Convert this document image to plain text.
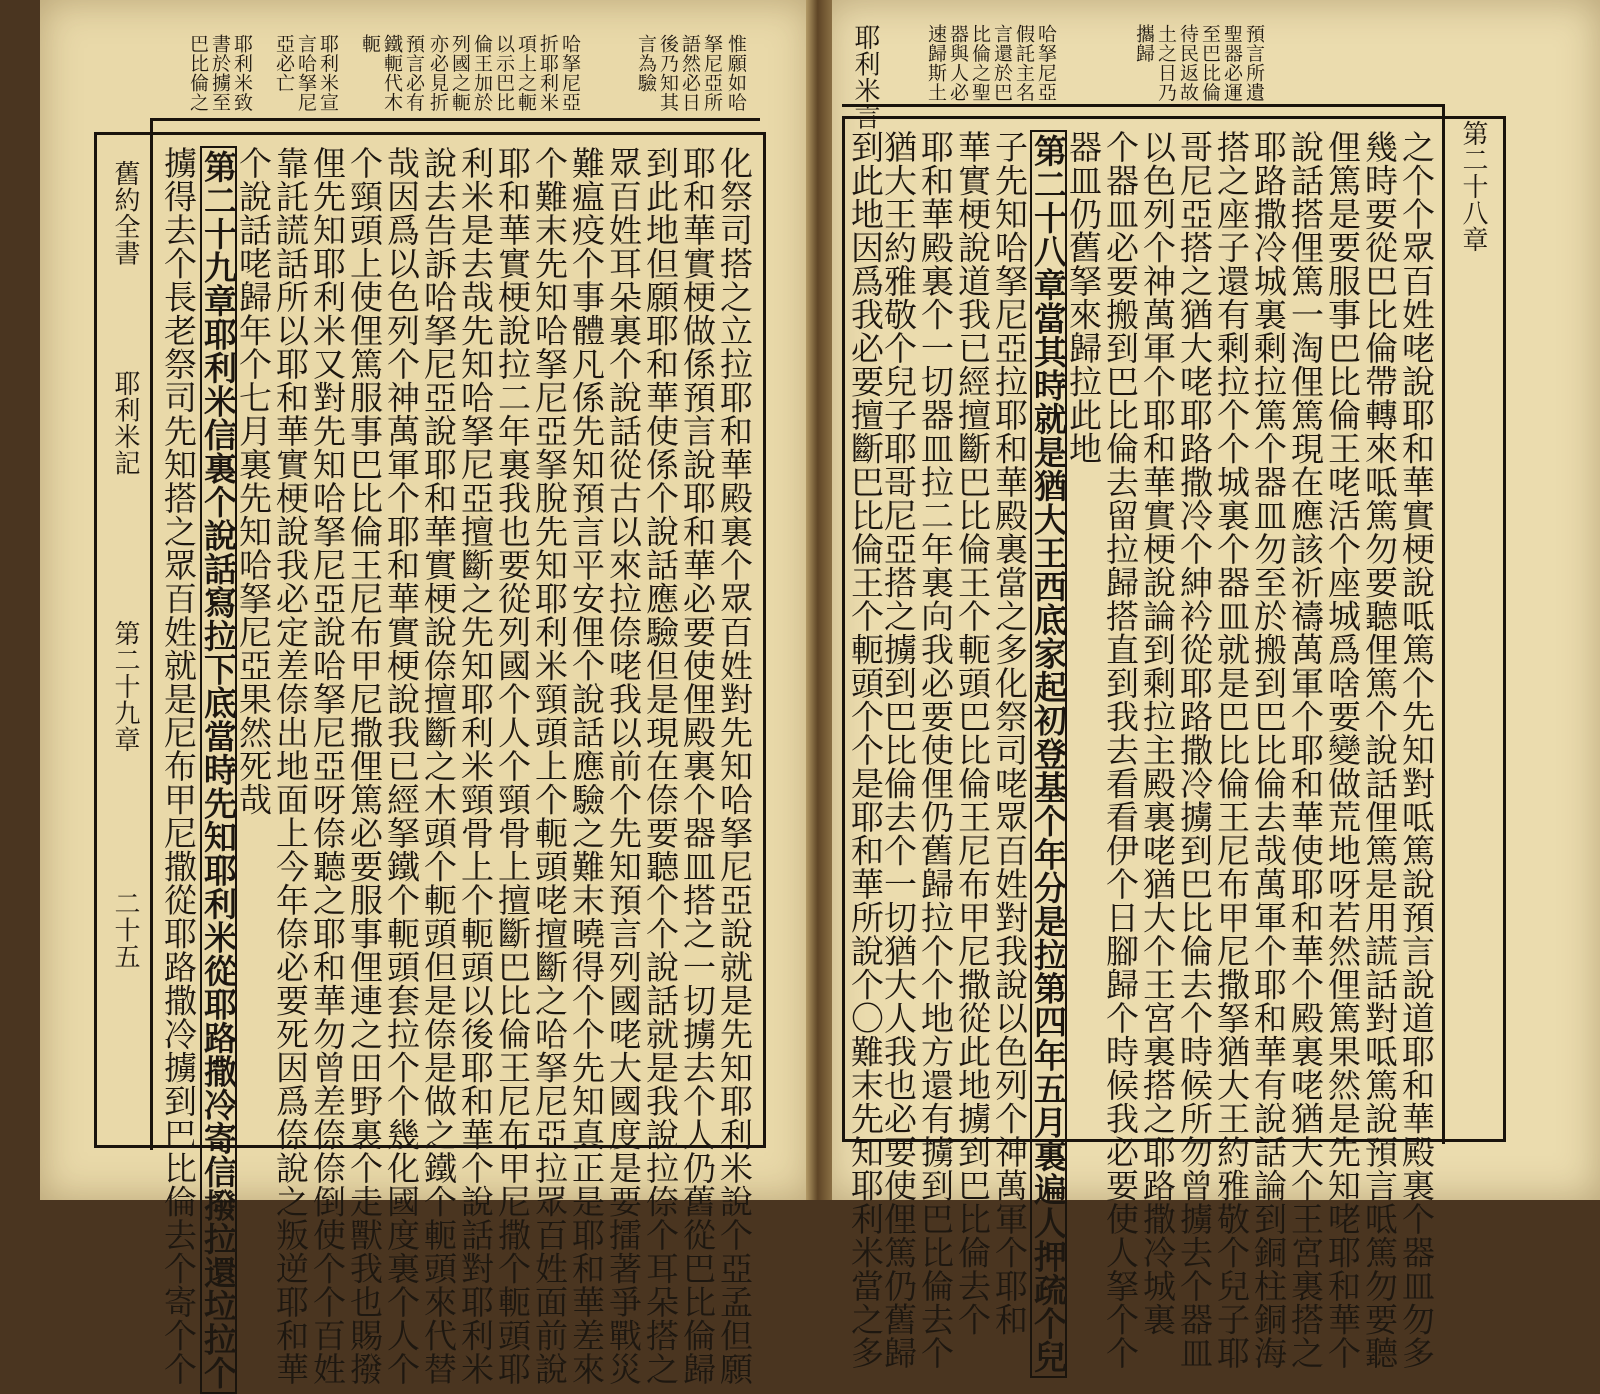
舊約全書
耶利米記
第二十九章
二十五
惟願如哈
拏尼亞所
語然必日
後乃知其
言為驗
哈拏尼亞
折耶利米
項上之軛
以示巴比
倫王加於
列國之軛
亦必見折
預言必有
鐵軛代木
軛
耶利米宣
言哈拏尼
亞必亡
耶利米致
書於擄至
巴比倫之
化祭司搭之立拉耶和華殿裏个眾百姓對先知哈拏尼亞說就是先知耶利米說个亞孟但願
耶和華實梗做係預言說耶和華必要使俚殿裏个器皿搭之一切擄去个人仍舊從巴比倫歸
到此地但願耶和華使係个說話應驗但是現在倷要聽个个說話就是我說拉倷个耳朵搭之
眾百姓耳朵裏个說話從古以來拉倷咾我以前个先知預言列國咾大國度是要擂著爭戰災
難瘟疫个事體凡係先知預言平安俚个說話應驗之難末曉得个个先知真正是耶和華差來
个難末先知哈拏尼亞拏脫先知耶利米頸頭上个軛頭咾擅斷之哈拏尼亞拉眾百姓面前說
耶和華實梗說拉二年裏我也要從列國个人个頸骨上擅斷巴比倫王尼布甲尼撒个軛頭耶
利米是去哉先知哈拏尼亞擅斷之先知耶利米頸骨上个軛頭以後耶和華个說話對耶利米
說去告訴哈拏尼亞說耶和華實梗說倷擅斷之木頭个軛頭但是倷是做之鐵个軛頭來代替
哉因爲以色列个神萬軍个耶和華實梗說我已經拏鐵个軛頭套拉个个幾化國度裏个人个
个頸頭上使俚篤服事巴比倫王尼布甲尼撒俚篤必要服事俚連之田野裏个走獸我也賜撥
俚先知耶利米又對先知哈拏尼亞說哈拏尼亞呀倷聽之耶和華勿曾差倷倷倒使个个百姓
靠託謊話所以耶和華實梗說我必定差倷出地面上今年倷必要死因爲倷說之叛逆耶和華
个說話咾歸年个七月裏先知哈拏尼亞果然死哉
第二十九章耶利米信裏个說話寫拉下底當時先知耶利米從耶路撒冷寄信撥拉還垃拉个
擄得去个長老祭司先知搭之眾百姓就是尼布甲尼撒從耶路撒冷擄到巴比倫去个寄个个	第二十八章
耶利米言	預言所遺
聖器必運
至巴比倫
待民返故
土之日乃
攜歸
哈拏尼亞
假託主名
言還於巴
比倫之聖
器與人必
速歸斯土
之个个眾百姓咾說耶和華實梗說呧篤个先知對呧篤說預言說道耶和華殿裏个器皿勿多
幾時要從巴比倫帶轉來呧篤勿要聽俚篤个說話俚篤是用謊話對呧篤說預言呧篤勿要聽
俚篤是要服事巴比倫王咾活个座城爲啥要變做荒地呀若然俚篤果然是先知咾耶和華个
說話搭俚篤一淘俚篤現在應該祈禱萬軍个耶和華使耶和華个殿裏咾猶大个王宮裏搭之
耶路撒冷城裏剩拉篤个器皿勿至於搬到巴比倫去哉萬軍个耶和華有說話論到銅柱銅海
搭之座子還有剩拉个个城裏个器皿就是巴比倫王尼布甲尼撒拏猶大王約雅敬个兒子耶
哥尼亞搭之猶大咾耶路撒冷个紳衿從耶路撒冷擄到巴比倫去个時候所勿曾擄去个器皿
以色列个神萬軍个耶和華實梗說論到剩拉主殿裏咾猶大个王宮裏搭之耶路撒冷城裏
个器皿必要搬到巴比倫去留拉歸搭直到我去看看伊个日腳歸个時候我必要使人拏个个
器皿仍舊拏來歸拉此地
第二十八章當其時就是猶大王西底家起初登基个年分是拉第四年五月裏遍人押疏个兒
子先知哈拏尼亞拉耶和華殿裏當之多化祭司咾眾百姓對我說以色列个神萬軍个耶和
華實梗說道我已經擅斷巴比倫王个軛頭巴比倫王尼布甲尼撒從此地擄到巴比倫去个
耶和華殿裏个一切器皿拉二年裏向我必要使俚仍舊歸拉个个地方還有擄到巴比倫去个
猶大王約雅敬个兒子耶哥尼亞搭之擄到巴比倫去个一切猶大人我也必要使俚篤仍舊歸
到此地因爲我必要擅斷巴比倫王个軛頭个个是耶和華所說个〇難末先知耶利米當之多
